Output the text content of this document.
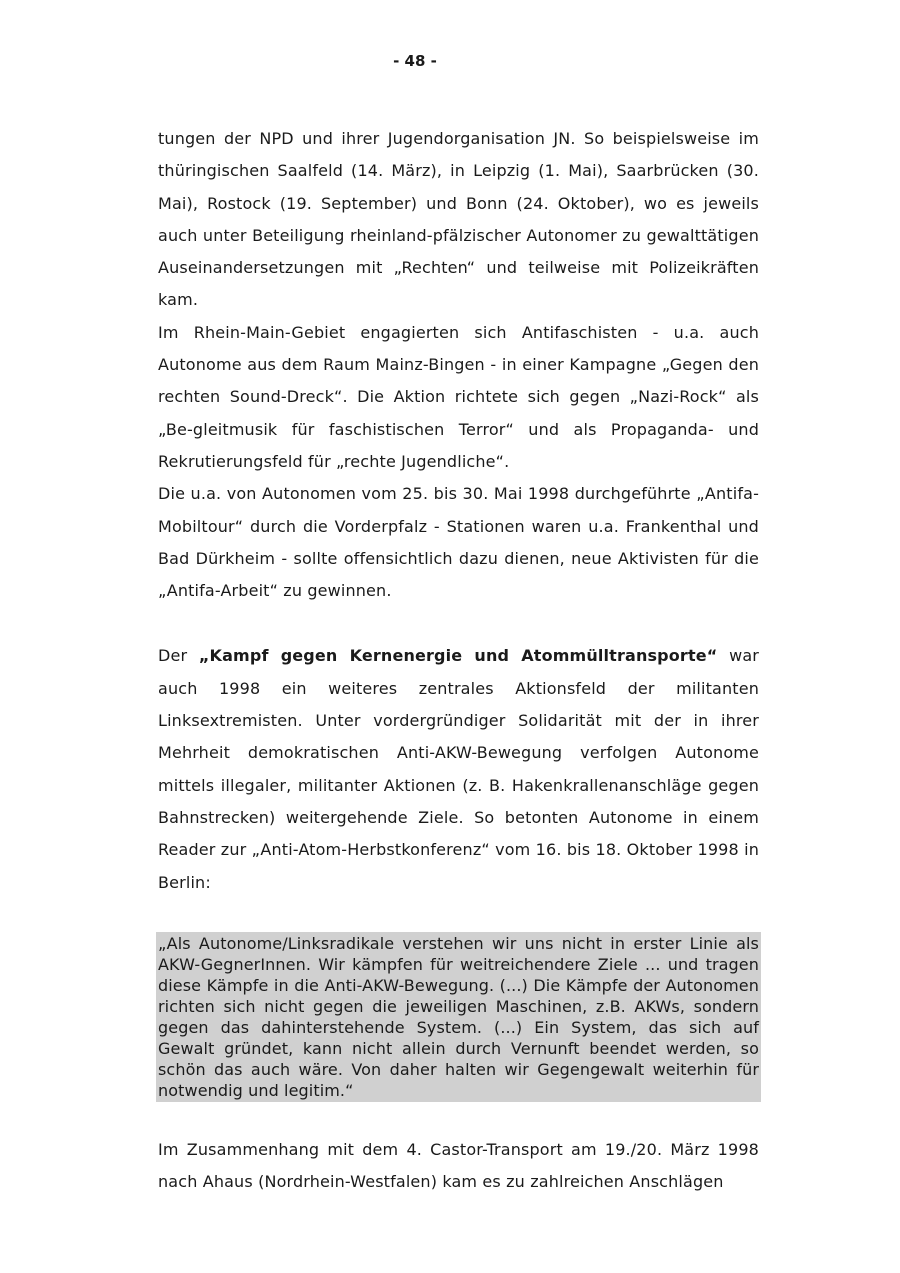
- 48 -

tungen der NPD und ihrer Jugendorganisation JN. So beispielsweise im thüringischen Saalfeld (14. März), in Leipzig (1. Mai), Saarbrücken (30. Mai), Rostock (19. September) und Bonn (24. Oktober), wo es jeweils auch unter Beteiligung rheinland-pfälzischer Autonomer zu gewalttätigen Auseinandersetzungen mit „Rechten“ und teilweise mit Polizeikräften kam.

Im Rhein-Main-Gebiet engagierten sich Antifaschisten - u.a. auch Autonome aus dem Raum Mainz-Bingen - in einer Kampagne „Gegen den rechten Sound-Dreck“. Die Aktion richtete sich gegen „Nazi-Rock“ als „Be-gleitmusik für faschistischen Terror“ und als Propaganda- und Rekrutierungsfeld für „rechte Jugendliche“.

Die u.a. von Autonomen vom 25. bis 30. Mai 1998 durchgeführte „Antifa-Mobiltour“ durch die Vorderpfalz - Stationen waren u.a. Frankenthal und Bad Dürkheim - sollte offensichtlich dazu dienen, neue Aktivisten für die „Antifa-Arbeit“ zu gewinnen.

Der „Kampf gegen Kernenergie und Atommülltransporte“ war auch 1998 ein weiteres zentrales Aktionsfeld der militanten Linksextremisten. Unter vordergründiger Solidarität mit der in ihrer Mehrheit demokratischen Anti-AKW-Bewegung verfolgen Autonome mittels illegaler, militanter Aktionen (z. B. Hakenkrallenanschläge gegen Bahnstrecken) weitergehende Ziele. So betonten Autonome in einem Reader zur „Anti-Atom-Herbstkonferenz“ vom 16. bis 18. Oktober 1998 in Berlin:

„Als Autonome/Linksradikale verstehen wir uns nicht in erster Linie als AKW-GegnerInnen. Wir kämpfen für weitreichendere Ziele ... und tragen diese Kämpfe in die Anti-AKW-Bewegung. (...) Die Kämpfe der Autonomen richten sich nicht gegen die jeweiligen Maschinen, z.B. AKWs, sondern gegen das dahinterstehende System. (...) Ein System, das sich auf Gewalt gründet, kann nicht allein durch Vernunft beendet werden, so schön das auch wäre. Von daher halten wir Gegengewalt weiterhin für notwendig und legitim.“

Im Zusammenhang mit dem 4. Castor-Transport am 19./20. März 1998 nach Ahaus (Nordrhein-Westfalen) kam es zu zahlreichen Anschlägen
